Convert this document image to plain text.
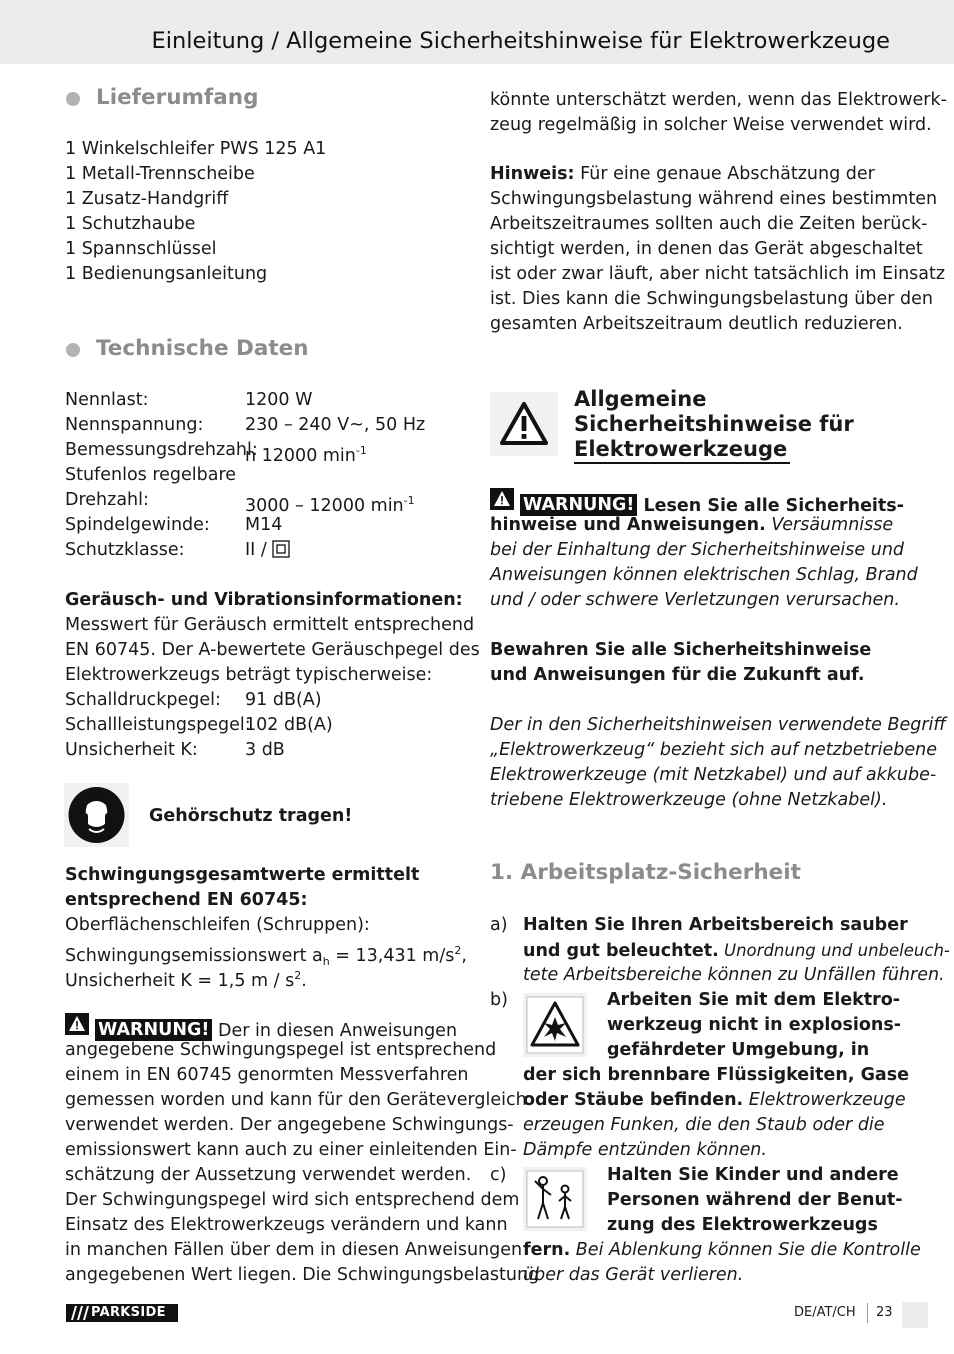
Einleitung / Allgemeine Sicherheitshinweise für Elektrowerkzeuge
Lieferumfang
1 Winkelschleifer PWS 125 A1
1 Metall-Trennscheibe
1 Zusatz-Handgriff
1 Schutzhaube
1 Spannschlüssel
1 Bedienungsanleitung
Technische Daten
Nennlast:	1200 W
Nennspannung: 230 – 240 V~, 50 Hz
Bemessungsdrehzahl:
n 12000 $\min^{-1}$
Stufenlos regelbare
Drehzahl:	3000 – 12000 $\min^{-1}$
Spindelgewinde: M14
Schutzklasse:	II /
Geräusch- und Vibrationsinformationen:
Messwert für Geräusch ermittelt entsprechend
EN 60745. Der A-bewertete Geräuschpegel des
Elektrowerkzeugs beträgt typischerweise:
Schalldruckpegel: 91 dB(A)
Schallleistungspegel:
102 dB(A)
Unsicherheit K:	3 dB
Gehörschutz tragen!
Schwingungsgesamtwerte ermittelt
entsprechend EN 60745:
Oberflächenschleifen (Schruppen):
Schwingungsemissionswert $a_h = 13,431$ $m/s^2$,
Unsicherheit K = 1,5 m / $s^2$.
WARNUNG! Der in diesen Anweisungen
angegebene Schwingungspegel ist entsprechend
einem in EN 60745 genormten Messverfahren
gemessen worden und kann für den Gerätevergleich
verwendet werden. Der angegebene Schwingungs-
emissionswert kann auch zu einer einleitenden Ein-
schätzung der Aussetzung verwendet werden.
Der Schwingungspegel wird sich entsprechend dem
Einsatz des Elektrowerkzeugs verändern und kann
in manchen Fällen über dem in diesen Anweisungen
angegebenen Wert liegen. Die Schwingungsbelastung
könnte unterschätzt werden, wenn das Elektrowerk-
zeug regelmäßig in solcher Weise verwendet wird.
Hinweis: Für eine genaue Abschätzung der
Schwingungsbelastung während eines bestimmten
Arbeitszeitraumes sollten auch die Zeiten berück-
sichtigt werden, in denen das Gerät abgeschaltet
ist oder zwar läuft, aber nicht tatsächlich im Einsatz
ist. Dies kann die Schwingungsbelastung über den
gesamten Arbeitszeitraum deutlich reduzieren.
Allgemeine
Sicherheitshinweise für
Elektrowerkzeuge
WARNUNG! Lesen Sie alle Sicherheits-
hinweise und Anweisungen. Versäumnisse
bei der Einhaltung der Sicherheitshinweise und
Anweisungen können elektrischen Schlag, Brand
und / oder schwere Verletzungen verursachen.
Bewahren Sie alle Sicherheitshinweise
und Anweisungen für die Zukunft auf.
Der in den Sicherheitshinweisen verwendete Begriff
„Elektrowerkzeug“ bezieht sich auf netzbetriebene
Elektrowerkzeuge (mit Netzkabel) und auf akkube-
triebene Elektrowerkzeuge (ohne Netzkabel).
1. Arbeitsplatz-Sicherheit
a) Halten Sie Ihren Arbeitsbereich sauber
und gut beleuchtet. Unordnung und unbeleuch-
tete Arbeitsbereiche können zu Unfällen führen.
b)	Arbeiten Sie mit dem Elektro-
werkzeug nicht in explosions-
gefährdeter Umgebung, in
der sich brennbare Flüssigkeiten, Gase
oder Stäube befinden. Elektrowerkzeuge
erzeugen Funken, die den Staub oder die
Dämpfe entzünden können.
c)	Halten Sie Kinder und andere
Personen während der Benut-
zung des Elektrowerkzeugs
fern. Bei Ablenkung können Sie die Kontrolle
über das Gerät verlieren.
PARKSIDE	DE/AT/CH 23
